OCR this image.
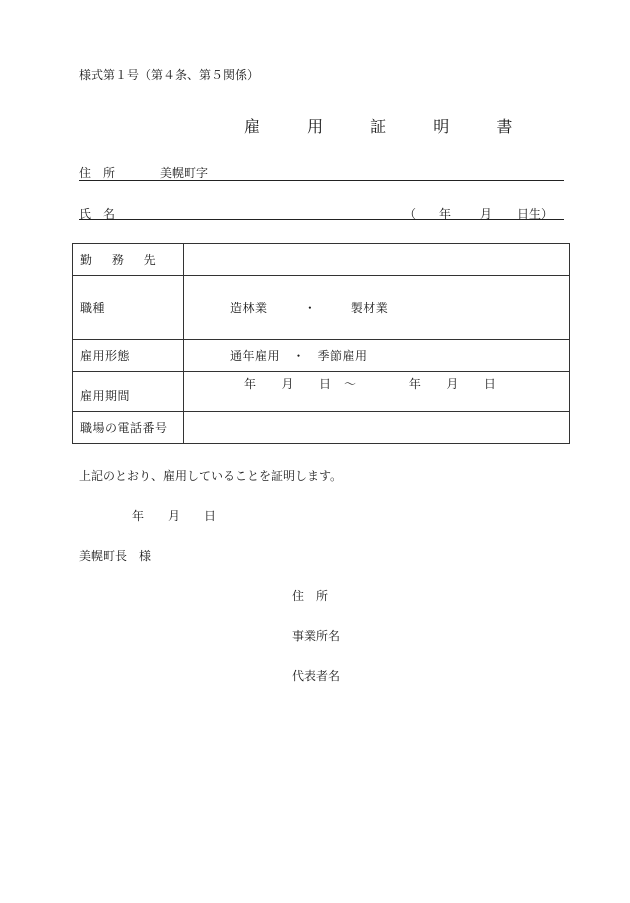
様式第１号（第４条、第５関係）
雇 用 証 明 書
住　所	美幌町字
氏　名	（ 年 月 日生）
勤 務 先	
職種	造林業 ・ 製材業
雇用形態	通年雇用　・　季節雇用
雇用期間	年　　月　　日　〜 年　　月　　日
職場の電話番号	
上記のとおり、雇用していることを証明します。
年　　月　　日
美幌町長　様
住　所
事業所名
代表者名
